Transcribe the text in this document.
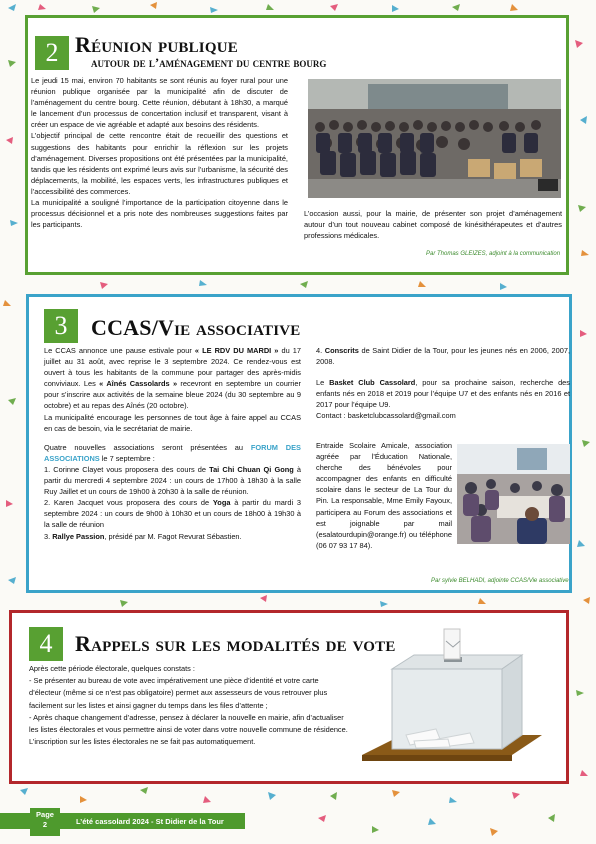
2 Réunion publique
autour de l’aménagement du centre bourg

Le jeudi 15 mai, environ 70 habitants se sont réunis au foyer rural pour une réunion publique organisée par la municipalité afin de discuter de l’aménagement du centre bourg. Cette réunion, débutant à 18h30, a marqué le lancement d’un processus de concertation inclusif et transparent, visant à créer un espace de vie agréable et adapté aux besoins des résidents.

L’objectif principal de cette rencontre était de recueillir des questions et suggestions des habitants pour enrichir la réflexion sur les projets d’aménagement. Diverses propositions ont été présentées par la municipalité, tandis que les résidents ont exprimé leurs avis sur l’urbanisme, la sécurité des déplacements, la mobilité, les espaces verts, les infrastructures publiques et l’accessibilité des commerces.

La municipalité a souligné l’importance de la participation citoyenne dans le processus décisionnel et a pris note des nombreuses suggestions faites par les participants.

L’occasion aussi, pour la mairie, de présenter son projet d’aménagement autour d’un tout nouveau cabinet composé de kinésithérapeutes et d’autres professions médicales.
Par Thomas GLEIZES, adjoint à la communication
3	CCAS/Vie associative

Le CCAS annonce une pause estivale pour « LE RDV DU MARDI » du 17 juillet au 31 août, avec reprise le 3 septembre 2024. Ce rendez-vous est ouvert à tous les habitants de la commune pour partager des après-midis conviviaux. Les « Aînés Cassolards » recevront en septembre un courrier pour s’inscrire aux activités de la semaine bleue 2024 (du 30 septembre au 9 octobre) et au repas des Aînés (20 octobre).

La municipalité encourage les personnes de tout âge à faire appel au CCAS en cas de besoin, via le secrétariat de mairie.

Quatre nouvelles associations seront présentées au FORUM DES ASSOCIATIONS le 7 septembre :

1. Corinne Clayet vous proposera des cours de Tai Chi Chuan Qi Gong à partir du mercredi 4 septembre 2024 : un cours de 17h00 à 18h30 à la salle Ruy Jaillet et un cours de 19h00 à 20h30 à la salle de réunion.

2. Karen Jacquet vous proposera des cours de Yoga à partir du mardi 3 septembre 2024 : un cours de 9h00 à 10h30 et un cours de 18h00 à 19h30 à la salle de réunion

3. Rallye Passion, présidé par M. Fagot Revurat Sébastien.

4. Conscrits de Saint Didier de la Tour, pour les jeunes nés en 2006, 2007, 2008.

Le Basket Club Cassolard, pour sa prochaine saison, recherche des enfants nés en 2018 et 2019 pour l’équipe U7 et des enfants nés en 2016 et 2017 pour l’équipe U9.

Contact : basketclubcassolard@gmail.com

Entraide Scolaire Amicale, association agréée par l’Éducation Nationale, cherche des bénévoles pour accompagner des enfants en difficulté scolaire dans le secteur de La Tour du Pin. La responsable, Mme Emily Fayoux, participera au Forum des associations et est joignable par mail (esalatourdupin@orange.fr) ou téléphone (06 07 93 17 84).
Par sylvie BELHADI, adjointe CCAS/Vie associative
4	Rappels sur les modalités de vote

Après cette période électorale, quelques constats :

- Se présenter au bureau de vote avec impérativement une pièce d’identité et votre carte d’électeur (même si ce n’est pas obligatoire) permet aux assesseurs de vous retrouver plus facilement sur les listes et ainsi gagner du temps dans les files d’attente ;

- Après chaque changement d’adresse, pensez à déclarer la nouvelle en mairie, afin d’actualiser les listes électorales et vous permettre ainsi de voter dans votre nouvelle commune de résidence.

L’inscription sur les listes électorales ne se fait pas automatiquement.

Page
2	L’été cassolard 2024 - St Didier de la Tour
